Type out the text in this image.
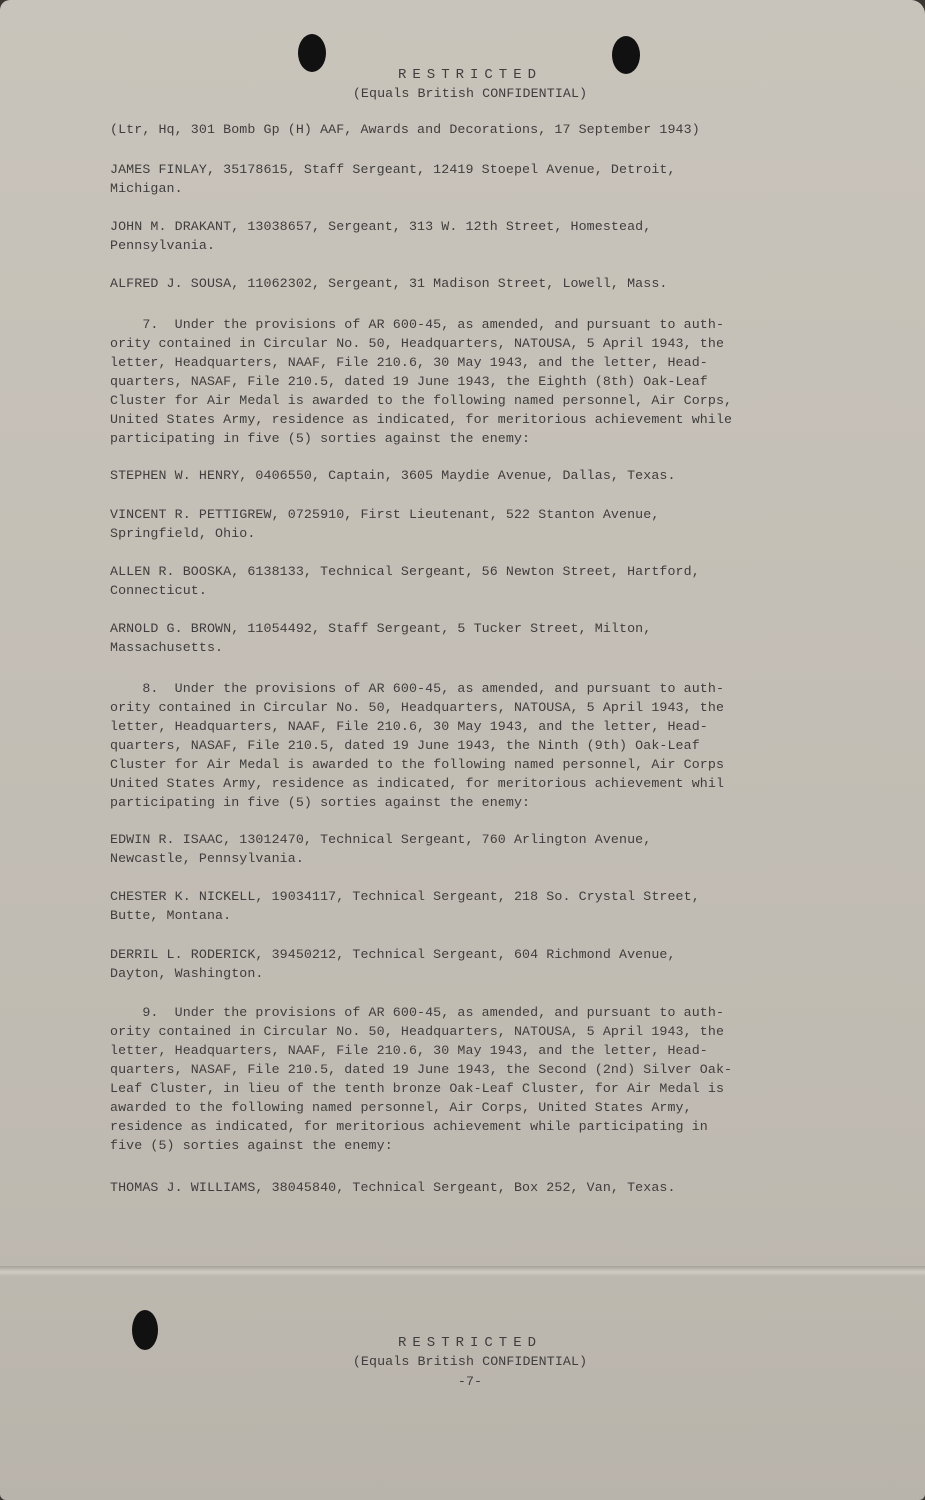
RESTRICTED
(Equals British CONFIDENTIAL)
(Ltr, Hq, 301 Bomb Gp (H) AAF, Awards and Decorations, 17 September 1943)
JAMES FINLAY, 35178615, Staff Sergeant, 12419 Stoepel Avenue, Detroit,
Michigan.
JOHN M. DRAKANT, 13038657, Sergeant, 313 W. 12th Street, Homestead,
Pennsylvania.
ALFRED J. SOUSA, 11062302, Sergeant, 31 Madison Street, Lowell, Mass.
7.  Under the provisions of AR 600-45, as amended, and pursuant to auth-
ority contained in Circular No. 50, Headquarters, NATOUSA, 5 April 1943, the
letter, Headquarters, NAAF, File 210.6, 30 May 1943, and the letter, Head-
quarters, NASAF, File 210.5, dated 19 June 1943, the Eighth (8th) Oak-Leaf
Cluster for Air Medal is awarded to the following named personnel, Air Corps,
United States Army, residence as indicated, for meritorious achievement while
participating in five (5) sorties against the enemy:
STEPHEN W. HENRY, 0406550, Captain, 3605 Maydie Avenue, Dallas, Texas.
VINCENT R. PETTIGREW, 0725910, First Lieutenant, 522 Stanton Avenue,
Springfield, Ohio.
ALLEN R. BOOSKA, 6138133, Technical Sergeant, 56 Newton Street, Hartford,
Connecticut.
ARNOLD G. BROWN, 11054492, Staff Sergeant, 5 Tucker Street, Milton,
Massachusetts.
8.  Under the provisions of AR 600-45, as amended, and pursuant to auth-
ority contained in Circular No. 50, Headquarters, NATOUSA, 5 April 1943, the
letter, Headquarters, NAAF, File 210.6, 30 May 1943, and the letter, Head-
quarters, NASAF, File 210.5, dated 19 June 1943, the Ninth (9th) Oak-Leaf
Cluster for Air Medal is awarded to the following named personnel, Air Corps
United States Army, residence as indicated, for meritorious achievement whil
participating in five (5) sorties against the enemy:
EDWIN R. ISAAC, 13012470, Technical Sergeant, 760 Arlington Avenue,
Newcastle, Pennsylvania.
CHESTER K. NICKELL, 19034117, Technical Sergeant, 218 So. Crystal Street,
Butte, Montana.
DERRIL L. RODERICK, 39450212, Technical Sergeant, 604 Richmond Avenue,
Dayton, Washington.
9.  Under the provisions of AR 600-45, as amended, and pursuant to auth-
ority contained in Circular No. 50, Headquarters, NATOUSA, 5 April 1943, the
letter, Headquarters, NAAF, File 210.6, 30 May 1943, and the letter, Head-
quarters, NASAF, File 210.5, dated 19 June 1943, the Second (2nd) Silver Oak-
Leaf Cluster, in lieu of the tenth bronze Oak-Leaf Cluster, for Air Medal is
awarded to the following named personnel, Air Corps, United States Army,
residence as indicated, for meritorious achievement while participating in
five (5) sorties against the enemy:
THOMAS J. WILLIAMS, 38045840, Technical Sergeant, Box 252, Van, Texas.
RESTRICTED
(Equals British CONFIDENTIAL)
-7-
